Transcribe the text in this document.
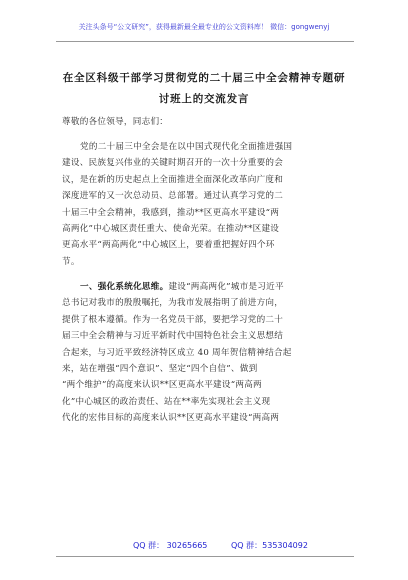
关注头条号“公文研究”，获得最新最全最专业的公文资料库！ 微信：gongwenyj
在全区科级干部学习贯彻党的二十届三中全会精神专题研
讨班上的交流发言
尊敬的各位领导，同志们：
党的二十届三中全会是在以中国式现代化全面推进强国
建设、民族复兴伟业的关键时期召开的一次十分重要的会
议，是在新的历史起点上全面推进全面深化改革向广度和
深度进军的又一次总动员、总部署。通过认真学习党的二
十届三中全会精神，我感到，推动**区更高水平建设“两
高两化”中心城区责任重大、使命光荣。在推动**区建设
更高水平“两高两化”中心城区上，要着重把握好四个环
节。
一、强化系统化思维。建设“两高两化”城市是习近平
总书记对我市的殷殷嘱托，为我市发展指明了前进方向，
提供了根本遵循。作为一名党员干部，要把学习党的二十
届三中全会精神与习近平新时代中国特色社会主义思想结
合起来，与习近平致经济特区成立 40 周年贺信精神结合起
来，站在增强“四个意识”、坚定“四个自信”、做到
“两个维护”的高度来认识**区更高水平建设“两高两
化”中心城区的政治责任、站在**率先实现社会主义现
代化的宏伟目标的高度来认识**区更高水平建设“两高两
QQ 群： 30265665	QQ 群：535304092
